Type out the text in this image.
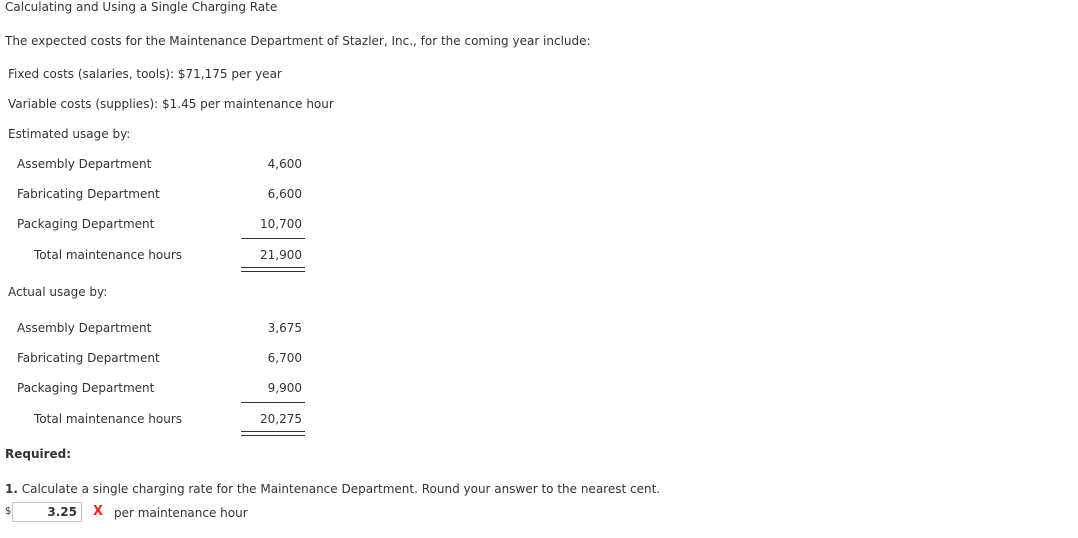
Calculating and Using a Single Charging Rate
The expected costs for the Maintenance Department of Stazler, Inc., for the coming year include:
Fixed costs (salaries, tools): $71,175 per year
Variable costs (supplies): $1.45 per maintenance hour
Estimated usage by:
Assembly Department	4,600
Fabricating Department	6,600
Packaging Department	10,700
Total maintenance hours	21,900
Actual usage by:
Assembly Department	3,675
Fabricating Department	6,700
Packaging Department	9,900
Total maintenance hours	20,275
Required:
1. Calculate a single charging rate for the Maintenance Department. Round your answer to the nearest cent.
$	3.25	X per maintenance hour
